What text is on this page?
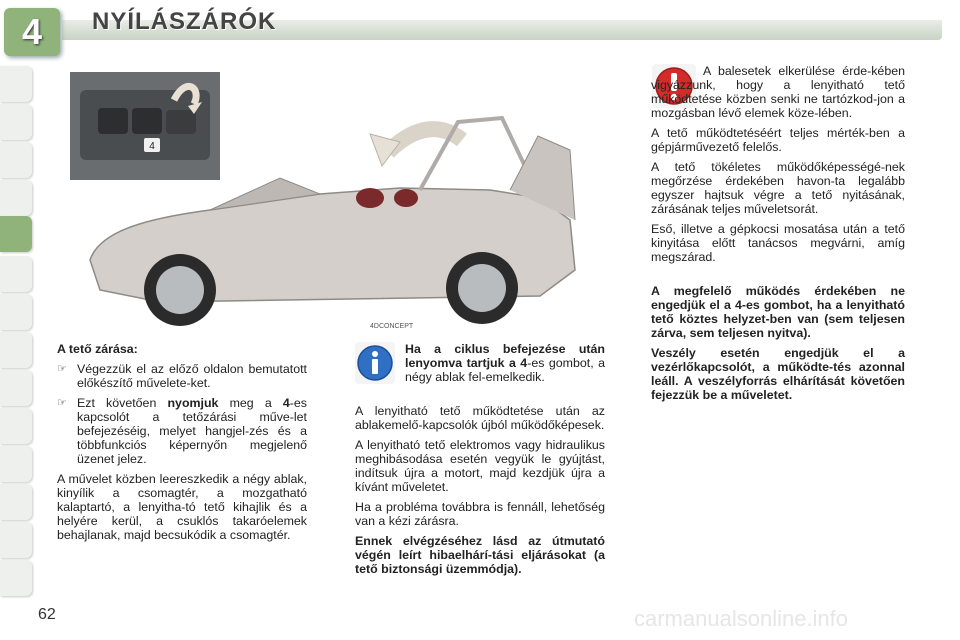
4	NYÍLÁSZÁRÓK
4
4DCONCEPT

A tető zárása:

☞ Végezzük el az előző oldalon bemutatott előkészítő művelete-ket.
☞ Ezt követően nyomjuk meg a 4-es kapcsolót a tetőzárási műve-let befejezéséig, melyet hangjel-zés és a többfunkciós képernyőn megjelenő üzenet jelez.

A művelet közben leereszkedik a négy ablak, kinyílik a csomagtér, a mozgatható kalaptartó, a lenyitha-tó tető kihajlik és a helyére kerül, a csuklós takaróelemek behajlanak, majd becsukódik a csomagtér.

Ha a ciklus befejezése után lenyomva tartjuk a 4-es gombot, a négy ablak fel-emelkedik.

A lenyitható tető működtetése után az ablakemelő-kapcsolók újból működőképesek.

A lenyitható tető elektromos vagy hidraulikus meghibásodása esetén vegyük le gyújtást, indítsuk újra a motort, majd kezdjük újra a kívánt műveletet.

Ha a probléma továbbra is fennáll, lehetőség van a kézi zárásra.

Ennek elvégzéséhez lásd az útmutató végén leírt hibaelhárí-tási eljárásokat (a tető biztonsági üzemmódja).

A balesetek elkerülése érde-kében vigyázzunk, hogy a lenyitható tető működtetése közben senki ne tartózkod-jon a mozgásban lévő elemek köze-lében.

A tető működtetéséért teljes mérték-ben a gépjárművezető felelős.

A tető tökéletes működőképességé-nek megőrzése érdekében havon-ta legalább egyszer hajtsuk végre a tető nyitásának, zárásának teljes műveletsorát.

Eső, illetve a gépkocsi mosatása után a tető kinyitása előtt tanácsos megvárni, amíg megszárad.

A megfelelő működés érdekében ne engedjük el a 4-es gombot, ha a lenyitható tető köztes helyzet-ben van (sem teljesen zárva, sem teljesen nyitva).

Veszély esetén engedjük el a vezérlőkapcsolót, a működte-tés azonnal leáll. A veszélyforrás elhárítását követően fejezzük be a műveletet.

62	carmanualsonline.info
